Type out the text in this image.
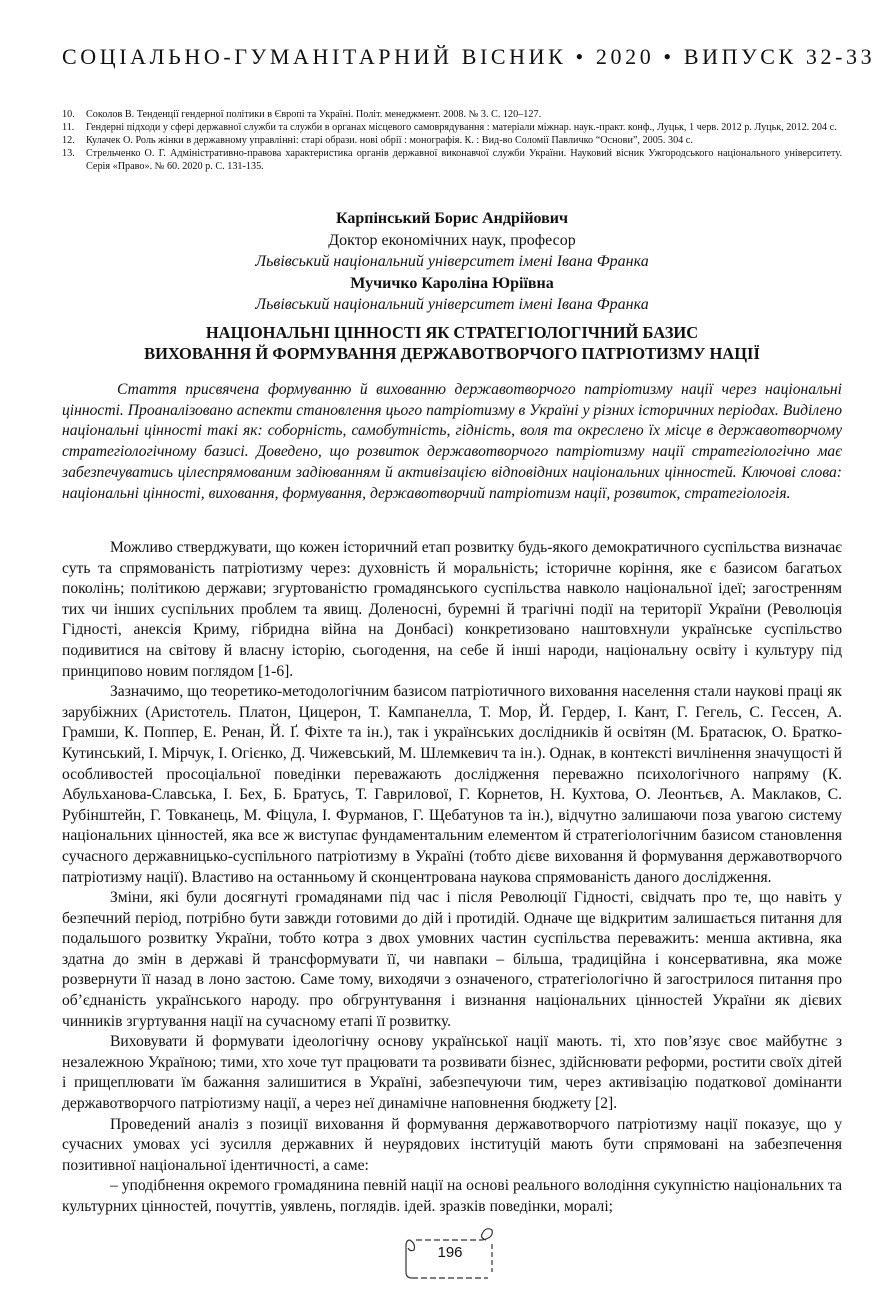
СОЦІАЛЬНО-ГУМАНІТАРНИЙ ВІСНИК • 2020 • ВИПУСК 32-33
10.	Соколов В. Тенденції гендерної політики в Європі та Україні. Політ. менеджмент. 2008. № 3. С. 120–127.
11.	Гендерні підходи у сфері державної служби та служби в органах місцевого самоврядування : матеріали міжнар. наук.-практ. конф., Луцьк, 1 черв. 2012 р. Луцьк, 2012. 204 с.
12.	Кулачек О. Роль жінки в державному управлінні: старі образи. нові обрії : монографія. К. : Вид-во Соломії Павличко “Основи”, 2005. 304 с.
13.	Стрельченко О. Г. Адміністративно-правова характеристика органів державної виконавчої служби України. Науковий вісник Ужгородського національного університету. Серія «Право». № 60. 2020 р. С. 131-135.
Карпінський Борис Андрійович
Доктор економічних наук, професор
Львівський національний університет імені Івана Франка
Мучичко Кароліна Юріївна
Львівський національний університет імені Івана Франка
НАЦІОНАЛЬНІ ЦІННОСТІ ЯК СТРАТЕГІОЛОГІЧНИЙ БАЗИС
ВИХОВАННЯ Й ФОРМУВАННЯ ДЕРЖАВОТВОРЧОГО ПАТРІОТИЗМУ НАЦІЇ

Стаття присвячена формуванню й вихованню державотворчого патріотизму нації через національні цінності. Проаналізовано аспекти становлення цього патріотизму в Україні у різних історичних періодах. Виділено національні цінності такі як: соборність, самобутність, гідність, воля та окреслено їх місце в державотворчому стратегіологічному базисі. Доведено, що розвиток державотворчого патріотизму нації стратегіологічно має забезпечуватись цілеспрямованим задіюванням й активізацією відповідних національних цінностей. Ключові слова: національні цінності, виховання, формування, державотворчий патріотизм нації, розвиток, стратегіологія.

Можливо стверджувати, що кожен історичний етап розвитку будь-якого демократичного суспільства визначає суть та спрямованість патріотизму через: духовність й моральність; історичне коріння, яке є базисом багатьох поколінь; політикою держави; згуртованістю громадянського суспільства навколо національної ідеї; загостренням тих чи інших суспільних проблем та явищ. Доленосні, буремні й трагічні події на території України (Революція Гідності, анексія Криму, гібридна війна на Донбасі) конкретизовано наштовхнули українське суспільство подивитися на світову й власну історію, сьогодення, на себе й інші народи, національну освіту і культуру під принципово новим поглядом [1-6].

Зазначимо, що теоретико-методологічним базисом патріотичного виховання населення стали наукові праці як зарубіжних (Аристотель. Платон, Цицерон, Т. Кампанелла, Т. Мор, Й. Гердер, І. Кант, Г. Гегель, С. Гессен, А. Грамши, К. Поппер, Е. Ренан, Й. Ґ. Фіхте та ін.), так і українських дослідників й освітян (М. Братасюк, О. Братко-Кутинський, І. Мірчук, І. Огієнко, Д. Чижевський, М. Шлемкевич та ін.). Однак, в контексті вичлінення значущості й особливостей просоціальної поведінки переважають дослідження переважно психологічного напряму (К. Абульханова-Славська, І. Бех, Б. Братусь, Т. Гаврилової, Г. Корнетов, Н. Кухтова, О. Леонтьєв, А. Маклаков, С. Рубінштейн, Г. Товканець, М. Фіцула, І. Фурманов, Г. Щебатунов та ін.), відчутно залишаючи поза увагою систему національних цінностей, яка все ж виступає фундаментальним елементом й стратегіологічним базисом становлення сучасного державницько-суспільного патріотизму в Україні (тобто дієве виховання й формування державотворчого патріотизму нації). Властиво на останньому й сконцентрована наукова спрямованість даного дослідження.

Зміни, які були досягнуті громадянами під час і після Революції Гідності, свідчать про те, що навіть у безпечний період, потрібно бути завжди готовими до дій і протидій. Одначе ще відкритим залишається питання для подальшого розвитку України, тобто котра з двох умовних частин суспільства переважить: менша активна, яка здатна до змін в державі й трансформувати її, чи навпаки – більша, традиційна і консервативна, яка може розвернути її назад в лоно застою. Саме тому, виходячи з означеного, стратегіологічно й загострилося питання про об’єднаність українського народу. про обгрунтування і визнання національних цінностей України як дієвих чинників згуртування нації на сучасному етапі її розвитку.

Виховувати й формувати ідеологічну основу української нації мають. ті, хто пов’язує своє майбутнє з незалежною Україною; тими, хто хоче тут працювати та розвивати бізнес, здійснювати реформи, ростити своїх дітей і прищеплювати їм бажання залишитися в Україні, забезпечуючи тим, через активізацію податкової домінанти державотворчого патріотизму нації, а через неї динамічне наповнення бюджету [2].

Проведений аналіз з позиції виховання й формування державотворчого патріотизму нації показує, що у сучасних умовах усі зусилля державних й неурядових інституцій мають бути спрямовані на забезпечення позитивної національної ідентичності, а саме:

– уподібнення окремого громадянина певній нації на основі реального володіння сукупністю національних та культурних цінностей, почуттів, уявлень, поглядів. ідей. зразків поведінки, моралі;

196
